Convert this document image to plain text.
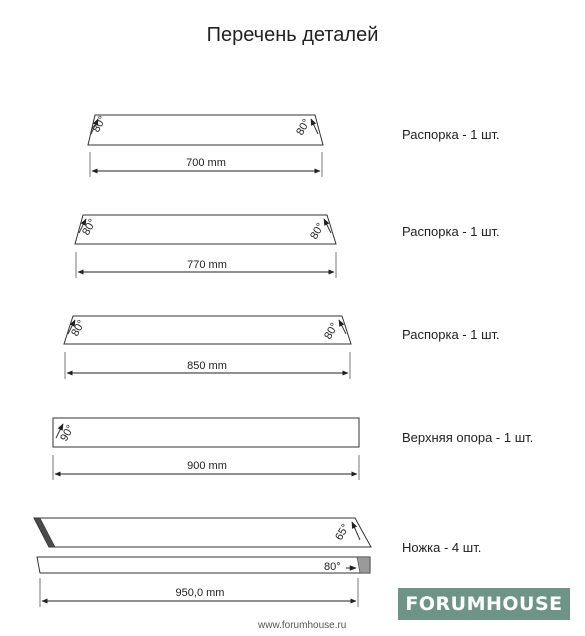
Перечень деталей
80°	80°
700 mm
80°	80°
770 mm
80°	80°
850 mm
90°
900 mm
65°
80°
950,0 mm
Распорка - 1 шт.
Распорка - 1 шт.
Распорка - 1 шт.
Верхняя опора - 1 шт.
Ножка - 4 шт.
FORUMHOUSE
www.forumhouse.ru
